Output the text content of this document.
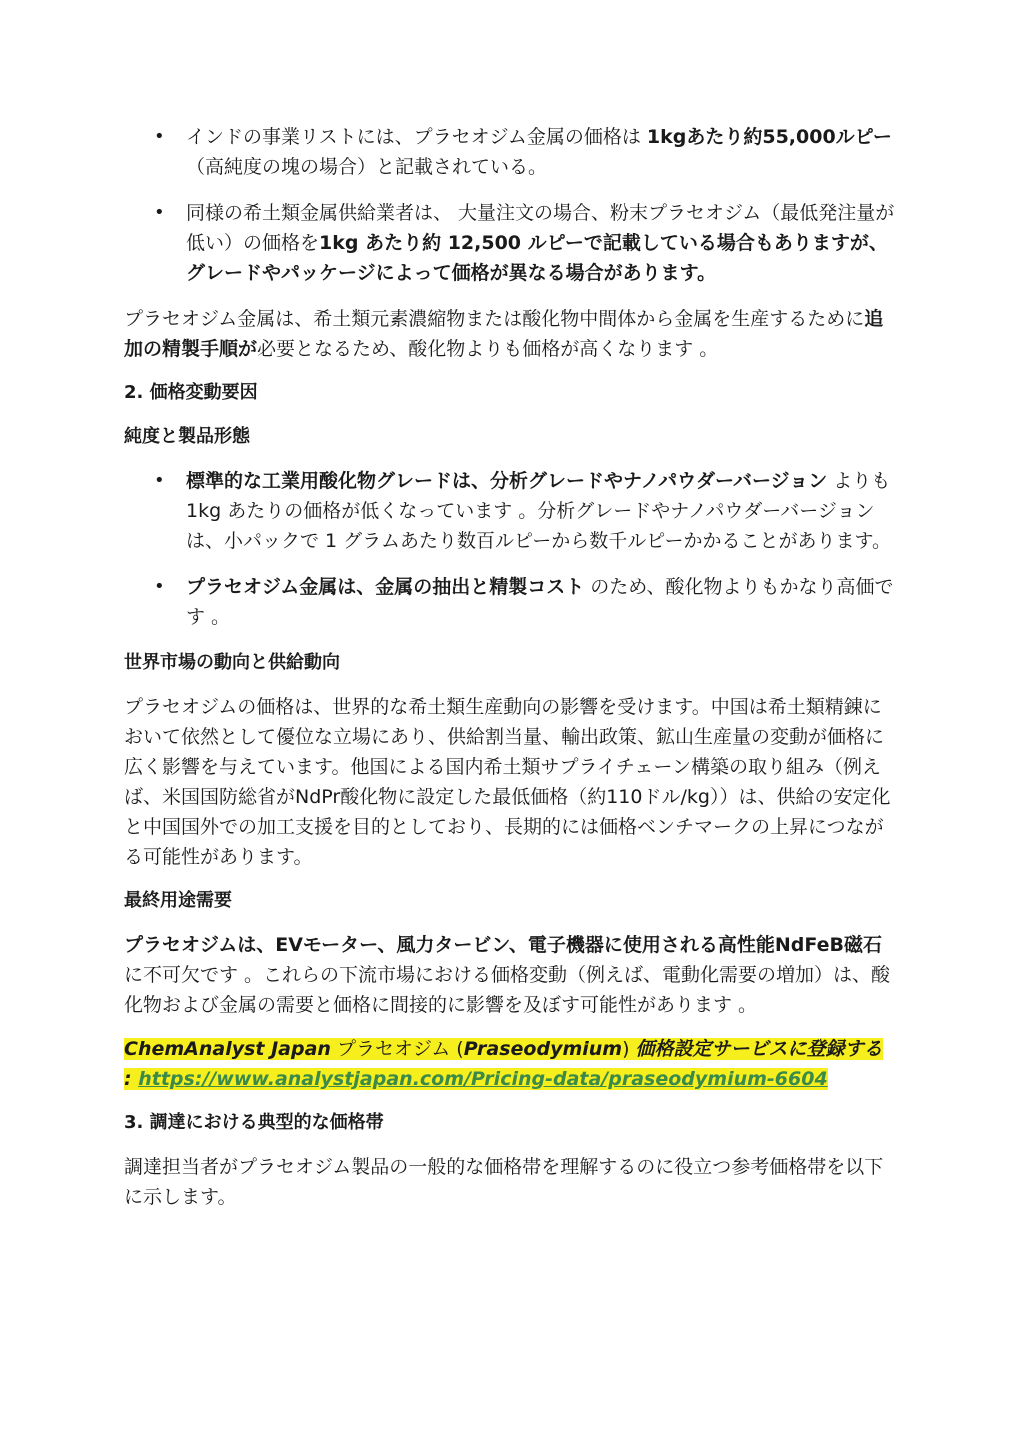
• インドの事業リストには、プラセオジム金属の価格は 1kgあたり約55,000ルピー （高純度の塊の場合）と記載されている。
• 同様の希土類金属供給業者は、 大量注文の場合、粉末プラセオジム（最低発注量が低い）の価格を1kg あたり約 12,500 ルピーで記載している場合もありますが、グレードやパッケージによって価格が異なる場合があります。

プラセオジム金属は、希土類元素濃縮物または酸化物中間体から金属を生産するために追加の精製手順が必要となるため、酸化物よりも価格が高くなります 。

2. 価格変動要因
純度と製品形態
• 標準的な工業用酸化物グレードは、分析グレードやナノパウダーバージョン よりも 1kg あたりの価格が低くなっています 。分析グレードやナノパウダーバージョンは、小パックで 1 グラムあたり数百ルピーから数千ルピーかかることがあります。
• プラセオジム金属は、金属の抽出と精製コスト のため、酸化物よりもかなり高価です 。
世界市場の動向と供給動向

プラセオジムの価格は、世界的な希土類生産動向の影響を受けます。中国は希土類精錬において依然として優位な立場にあり、供給割当量、輸出政策、鉱山生産量の変動が価格に広く影響を与えています。他国による国内希土類サプライチェーン構築の取り組み（例えば、米国国防総省がNdPr酸化物に設定した最低価格（約110ドル/kg））は、供給の安定化と中国国外での加工支援を目的としており、長期的には価格ベンチマークの上昇につながる可能性があります。

最終用途需要

プラセオジムは、EVモーター、風力タービン、電子機器に使用される高性能NdFeB磁石に不可欠です 。これらの下流市場における価格変動（例えば、電動化需要の増加）は、酸化物および金属の需要と価格に間接的に影響を及ぼす可能性があります 。

ChemAnalyst Japan プラセオジム (Praseodymium) 価格設定サービスに登録する
: https://www.analystjapan.com/Pricing-data/praseodymium-6604

3. 調達における典型的な価格帯

調達担当者がプラセオジム製品の一般的な価格帯を理解するのに役立つ参考価格帯を以下に示します。
